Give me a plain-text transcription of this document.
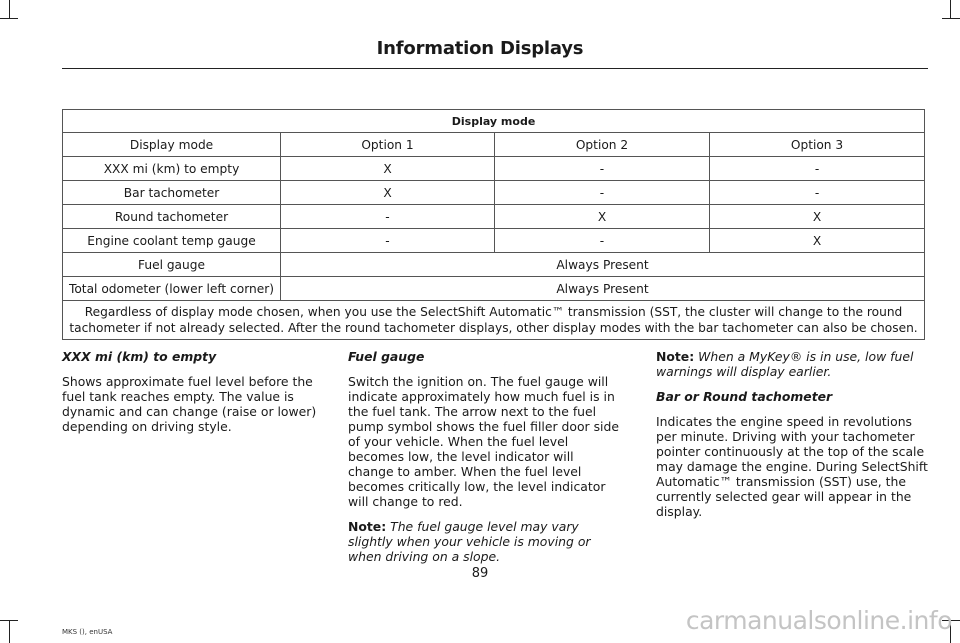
Information Displays
Display mode			
Display mode	Option 1	Option 2	Option 3
XXX mi (km) to empty	X	-	-
Bar tachometer	X	-	-
Round tachometer	-	X	X
Engine coolant temp gauge	-	-	X
Fuel gauge	Always Present		
Total odometer (lower left corner)	Always Present		
Regardless of display mode chosen, when you use the SelectShift Automatic™ transmission (SST, the cluster will change to the round tachometer if not already selected. After the round tachometer displays, other display modes with the bar tachometer can also be chosen.			

XXX mi (km) to empty

Shows approximate fuel level before the fuel tank reaches empty. The value is dynamic and can change (raise or lower) depending on driving style.

Fuel gauge

Switch the ignition on. The fuel gauge will indicate approximately how much fuel is in the fuel tank. The arrow next to the fuel pump symbol shows the fuel filler door side of your vehicle. When the fuel level becomes low, the level indicator will change to amber. When the fuel level becomes critically low, the level indicator will change to red.

Note: The fuel gauge level may vary slightly when your vehicle is moving or when driving on a slope.

Note: When a MyKey® is in use, low fuel warnings will display earlier.

Bar or Round tachometer

Indicates the engine speed in revolutions per minute. Driving with your tachometer pointer continuously at the top of the scale may damage the engine. During SelectShift Automatic™ transmission (SST) use, the currently selected gear will appear in the display.

89
MKS (), enUSA	carmanualsonline.info
